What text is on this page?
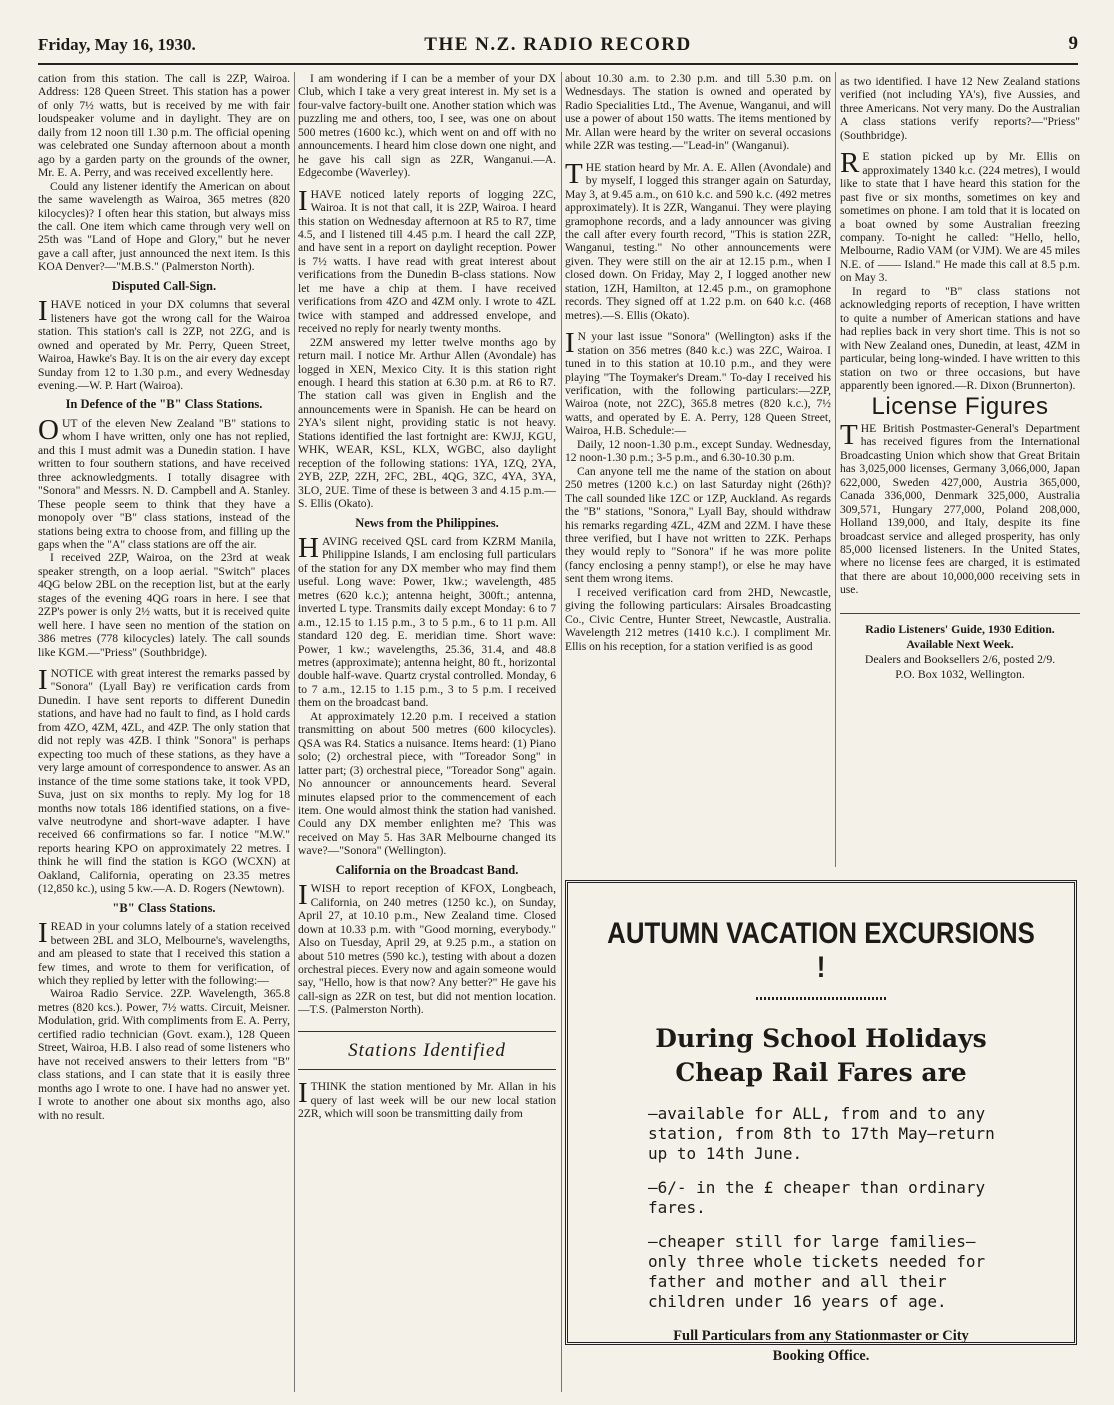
Friday, May 16, 1930.	THE N.Z. RADIO RECORD	9

cation from this station. The call is 2ZP, Wairoa. Address: 128 Queen Street. This station has a power of only 7½ watts, but is received by me with fair loudspeaker volume and in daylight. They are on daily from 12 noon till 1.30 p.m. The official opening was celebrated one Sunday afternoon about a month ago by a garden party on the grounds of the owner, Mr. E. A. Perry, and was received excellently here.

Could any listener identify the American on about the same wavelength as Wairoa, 365 metres (820 kilocycles)? I often hear this station, but always miss the call. One item which came through very well on 25th was "Land of Hope and Glory," but he never gave a call after, just announced the next item. Is this KOA Denver?—"M.B.S." (Palmerston North).

Disputed Call-Sign.

IHAVE noticed in your DX columns that several listeners have got the wrong call for the Wairoa station. This station's call is 2ZP, not 2ZG, and is owned and operated by Mr. Perry, Queen Street, Wairoa, Hawke's Bay. It is on the air every day except Sunday from 12 to 1.30 p.m., and every Wednesday evening.—W. P. Hart (Wairoa).

In Defence of the "B" Class Stations.

OUT of the eleven New Zealand "B" stations to whom I have written, only one has not replied, and this I must admit was a Dunedin station. I have written to four southern stations, and have received three acknowledgments. I totally disagree with "Sonora" and Messrs. N. D. Campbell and A. Stanley. These people seem to think that they have a monopoly over "B" class stations, instead of the stations being extra to choose from, and filling up the gaps when the "A" class stations are off the air.

I received 2ZP, Wairoa, on the 23rd at weak speaker strength, on a loop aerial. "Switch" places 4QG below 2BL on the reception list, but at the early stages of the evening 4QG roars in here. I see that 2ZP's power is only 2½ watts, but it is received quite well here. I have seen no mention of the station on 386 metres (778 kilocycles) lately. The call sounds like KGM.—"Priess" (Southbridge).

INOTICE with great interest the remarks passed by "Sonora" (Lyall Bay) re verification cards from Dunedin. I have sent reports to different Dunedin stations, and have had no fault to find, as I hold cards from 4ZO, 4ZM, 4ZL, and 4ZP. The only station that did not reply was 4ZB. I think "Sonora" is perhaps expecting too much of these stations, as they have a very large amount of correspondence to answer. As an instance of the time some stations take, it took VPD, Suva, just on six months to reply. My log for 18 months now totals 186 identified stations, on a five-valve neutrodyne and short-wave adapter. I have received 66 confirmations so far. I notice "M.W." reports hearing KPO on approximately 22 metres. I think he will find the station is KGO (WCXN) at Oakland, California, operating on 23.35 metres (12,850 kc.), using 5 kw.—A. D. Rogers (Newtown).

"B" Class Stations.

IREAD in your columns lately of a station received between 2BL and 3LO, Melbourne's, wavelengths, and am pleased to state that I received this station a few times, and wrote to them for verification, of which they replied by letter with the following:—

Wairoa Radio Service. 2ZP. Wavelength, 365.8 metres (820 kcs.). Power, 7½ watts. Circuit, Meisner. Modulation, grid. With compliments from E. A. Perry, certified radio technician (Govt. exam.), 128 Queen Street, Wairoa, H.B. I also read of some listeners who have not received answers to their letters from "B" class stations, and I can state that it is easily three months ago I wrote to one. I have had no answer yet. I wrote to another one about six months ago, also with no result.

I am wondering if I can be a member of your DX Club, which I take a very great interest in. My set is a four-valve factory-built one. Another station which was puzzling me and others, too, I see, was one on about 500 metres (1600 kc.), which went on and off with no announcements. I heard him close down one night, and he gave his call sign as 2ZR, Wanganui.—A. Edgecombe (Waverley).

IHAVE noticed lately reports of logging 2ZC, Wairoa. It is not that call, it is 2ZP, Wairoa. I heard this station on Wednesday afternoon at R5 to R7, time 4.5, and I listened till 4.45 p.m. I heard the call 2ZP, and have sent in a report on daylight reception. Power is 7½ watts. I have read with great interest about verifications from the Dunedin B-class stations. Now let me have a chip at them. I have received verifications from 4ZO and 4ZM only. I wrote to 4ZL twice with stamped and addressed envelope, and received no reply for nearly twenty months.

2ZM answered my letter twelve months ago by return mail. I notice Mr. Arthur Allen (Avondale) has logged in XEN, Mexico City. It is this station right enough. I heard this station at 6.30 p.m. at R6 to R7. The station call was given in English and the announcements were in Spanish. He can be heard on 2YA's silent night, providing static is not heavy. Stations identified the last fortnight are: KWJJ, KGU, WHK, WEAR, KSL, KLX, WGBC, also daylight reception of the following stations: 1YA, 1ZQ, 2YA, 2YB, 2ZP, 2ZH, 2FC, 2BL, 4QG, 3ZC, 4YA, 3YA, 3LO, 2UE. Time of these is between 3 and 4.15 p.m.—S. Ellis (Okato).

News from the Philippines.

HAVING received QSL card from KZRM Manila, Philippine Islands, I am enclosing full particulars of the station for any DX member who may find them useful. Long wave: Power, 1kw.; wavelength, 485 metres (620 k.c.); antenna height, 300ft.; antenna, inverted L type. Transmits daily except Monday: 6 to 7 a.m., 12.15 to 1.15 p.m., 3 to 5 p.m., 6 to 11 p.m. All standard 120 deg. E. meridian time. Short wave: Power, 1 kw.; wavelengths, 25.36, 31.4, and 48.8 metres (approximate); antenna height, 80 ft., horizontal double half-wave. Quartz crystal controlled. Monday, 6 to 7 a.m., 12.15 to 1.15 p.m., 3 to 5 p.m. I received them on the broadcast band.

At approximately 12.20 p.m. I received a station transmitting on about 500 metres (600 kilocycles). QSA was R4. Statics a nuisance. Items heard: (1) Piano solo; (2) orchestral piece, with "Toreador Song" in latter part; (3) orchestral piece, "Toreador Song" again. No announcer or announcements heard. Several minutes elapsed prior to the commencement of each item. One would almost think the station had vanished. Could any DX member enlighten me? This was received on May 5. Has 3AR Melbourne changed its wave?—"Sonora" (Wellington).

California on the Broadcast Band.

IWISH to report reception of KFOX, Longbeach, California, on 240 metres (1250 kc.), on Sunday, April 27, at 10.10 p.m., New Zealand time. Closed down at 10.33 p.m. with "Good morning, everybody." Also on Tuesday, April 29, at 9.25 p.m., a station on about 510 metres (590 kc.), testing with about a dozen orchestral pieces. Every now and again someone would say, "Hello, how is that now? Any better?" He gave his call-sign as 2ZR on test, but did not mention location.—T.S. (Palmerston North).

Stations Identified

ITHINK the station mentioned by Mr. Allan in his query of last week will be our new local station 2ZR, which will soon be transmitting daily from

about 10.30 a.m. to 2.30 p.m. and till 5.30 p.m. on Wednesdays. The station is owned and operated by Radio Specialities Ltd., The Avenue, Wanganui, and will use a power of about 150 watts. The items mentioned by Mr. Allan were heard by the writer on several occasions while 2ZR was testing.—"Lead-in" (Wanganui).

THE station heard by Mr. A. E. Allen (Avondale) and by myself, I logged this stranger again on Saturday, May 3, at 9.45 a.m., on 610 k.c. and 590 k.c. (492 metres approximately). It is 2ZR, Wanganui. They were playing gramophone records, and a lady announcer was giving the call after every fourth record, "This is station 2ZR, Wanganui, testing." No other announcements were given. They were still on the air at 12.15 p.m., when I closed down. On Friday, May 2, I logged another new station, 1ZH, Hamilton, at 12.45 p.m., on gramophone records. They signed off at 1.22 p.m. on 640 k.c. (468 metres).—S. Ellis (Okato).

I N your last issue "Sonora" (Wellington) asks if the station on 356 metres (840 k.c.) was 2ZC, Wairoa. I tuned in to this station at 10.10 p.m., and they were playing "The Toymaker's Dream." To-day I received his verification, with the following particulars:—2ZP, Wairoa (note, not 2ZC), 365.8 metres (820 k.c.), 7½ watts, and operated by E. A. Perry, 128 Queen Street, Wairoa, H.B. Schedule:—

Daily, 12 noon-1.30 p.m., except Sunday. Wednesday, 12 noon-1.30 p.m.; 3-5 p.m., and 6.30-10.30 p.m.

Can anyone tell me the name of the station on about 250 metres (1200 k.c.) on last Saturday night (26th)? The call sounded like 1ZC or 1ZP, Auckland. As regards the "B" stations, "Sonora," Lyall Bay, should withdraw his remarks regarding 4ZL, 4ZM and 2ZM. I have these three verified, but I have not written to 2ZK. Perhaps they would reply to "Sonora" if he was more polite (fancy enclosing a penny stamp!), or else he may have sent them wrong items.

I received verification card from 2HD, Newcastle, giving the following particulars: Airsales Broadcasting Co., Civic Centre, Hunter Street, Newcastle, Australia. Wavelength 212 metres (1410 k.c.). I compliment Mr. Ellis on his reception, for a station verified is as good

as two identified. I have 12 New Zealand stations verified (not including YA's), five Aussies, and three Americans. Not very many. Do the Australian A class stations verify reports?—"Priess" (Southbridge).

R E station picked up by Mr. Ellis on approximately 1340 k.c. (224 metres), I would like to state that I have heard this station for the past five or six months, sometimes on key and sometimes on phone. I am told that it is located on a boat owned by some Australian freezing company. To-night he called: "Hello, hello, Melbourne, Radio VAM (or VJM). We are 45 miles N.E. of —— Island." He made this call at 8.5 p.m. on May 3.

In regard to "B" class stations not acknowledging reports of reception, I have written to quite a number of American stations and have had replies back in very short time. This is not so with New Zealand ones, Dunedin, at least, 4ZM in particular, being long-winded. I have written to this station on two or three occasions, but have apparently been ignored.—R. Dixon (Brunnerton).

License Figures

THE British Postmaster-General's Department has received figures from the International Broadcasting Union which show that Great Britain has 3,025,000 licenses, Germany 3,066,000, Japan 622,000, Sweden 427,000, Austria 365,000, Canada 336,000, Denmark 325,000, Australia 309,571, Hungary 277,000, Poland 208,000, Holland 139,000, and Italy, despite its fine broadcast service and alleged prosperity, has only 85,000 licensed listeners. In the United States, where no license fees are charged, it is estimated that there are about 10,000,000 receiving sets in use.

Radio Listeners' Guide, 1930 Edition.
Available Next Week.
Dealers and Booksellers 2/6, posted 2/9.
P.O. Box 1032, Wellington.
AUTUMN VACATION EXCURSIONS !
During School Holidays
Cheap Rail Fares are

—available for ALL, from and to any station, from 8th to 17th May—return up to 14th June.

—6/- in the £ cheaper than ordinary fares.

—cheaper still for large families—only three whole tickets needed for father and mother and all their children under 16 years of age.

Full Particulars from any Stationmaster or City
Booking Office.
